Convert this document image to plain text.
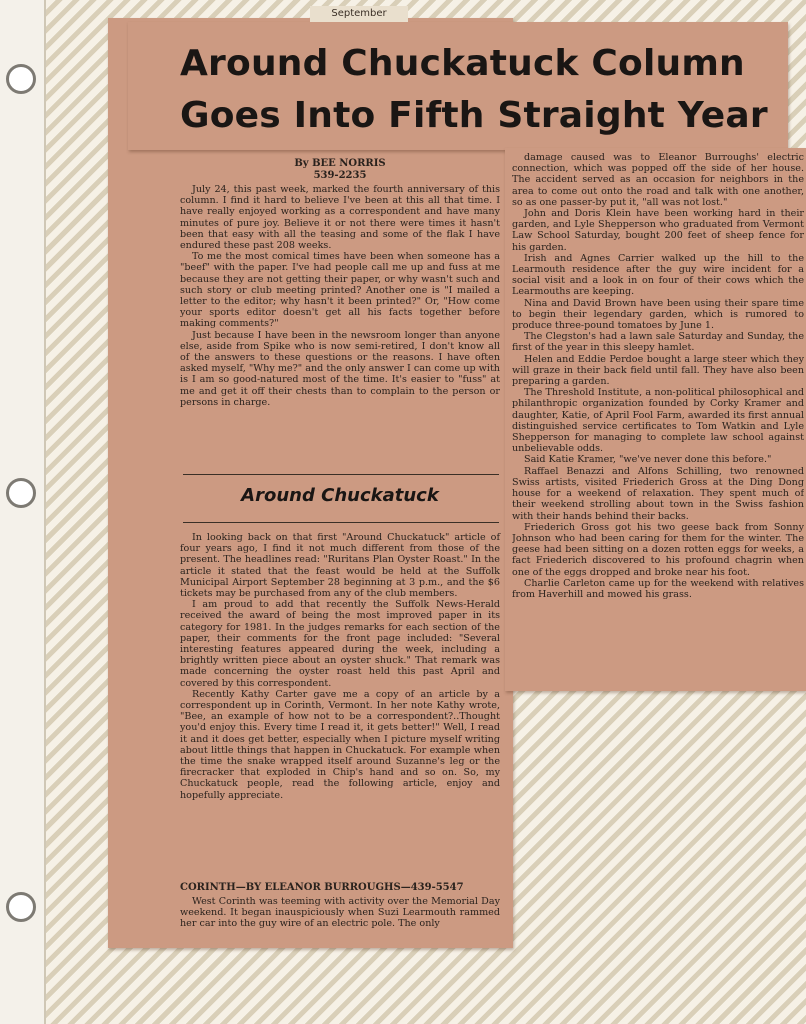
September
Around Chuckatuck Column
Goes Into Fifth Straight Year
By BEE NORRIS
539-2235

July 24, this past week, marked the fourth anniversary of this column. I find it hard to believe I've been at this all that time. I have really enjoyed working as a correspondent and have many minutes of pure joy. Believe it or not there were times it hasn't been that easy with all the teasing and some of the flak I have endured these past 208 weeks.

To me the most comical times have been when someone has a "beef" with the paper. I've had people call me up and fuss at me because they are not getting their paper, or why wasn't such and such story or club meeting printed? Another one is "I mailed a letter to the editor; why hasn't it been printed?" Or, "How come your sports editor doesn't get all his facts together before making comments?"

Just because I have been in the newsroom longer than anyone else, aside from Spike who is now semi-retired, I don't know all of the answers to these questions or the reasons. I have often asked myself, "Why me?" and the only answer I can come up with is I am so good-natured most of the time. It's easier to "fuss" at me and get it off their chests than to complain to the person or persons in charge.

Around Chuckatuck

In looking back on that first "Around Chuckatuck" article of four years ago, I find it not much different from those of the present. The headlines read: "Ruritans Plan Oyster Roast." In the article it stated that the feast would be held at the Suffolk Municipal Airport September 28 beginning at 3 p.m., and the $6 tickets may be purchased from any of the club members.

I am proud to add that recently the Suffolk News-Herald received the award of being the most improved paper in its category for 1981. In the judges remarks for each section of the paper, their comments for the front page included: "Several interesting features appeared during the week, including a brightly written piece about an oyster shuck." That remark was made concerning the oyster roast held this past April and covered by this correspondent.

Recently Kathy Carter gave me a copy of an article by a correspondent up in Corinth, Vermont. In her note Kathy wrote, "Bee, an example of how not to be a correspondent?..Thought you'd enjoy this. Every time I read it, it gets better!" Well, I read it and it does get better, especially when I picture myself writing about little things that happen in Chuckatuck. For example when the time the snake wrapped itself around Suzanne's leg or the firecracker that exploded in Chip's hand and so on. So, my Chuckatuck people, read the following article, enjoy and hopefully appreciate.

CORINTH—BY ELEANOR BURROUGHS—439-5547

West Corinth was teeming with activity over the Memorial Day weekend. It began inauspiciously when Suzi Learmouth rammed her car into the guy wire of an electric pole. The only

damage caused was to Eleanor Burroughs' electric connection, which was popped off the side of her house. The accident served as an occasion for neighbors in the area to come out onto the road and talk with one another, so as one passer-by put it, "all was not lost."

John and Doris Klein have been working hard in their garden, and Lyle Shepperson who graduated from Vermont Law School Saturday, bought 200 feet of sheep fence for his garden.

Irish and Agnes Carrier walked up the hill to the Learmouth residence after the guy wire incident for a social visit and a look in on four of their cows which the Learmouths are keeping.

Nina and David Brown have been using their spare time to begin their legendary garden, which is rumored to produce three-pound tomatoes by June 1.

The Clegston's had a lawn sale Saturday and Sunday, the first of the year in this sleepy hamlet.

Helen and Eddie Perdoe bought a large steer which they will graze in their back field until fall. They have also been preparing a garden.

The Threshold Institute, a non-political philosophical and philanthropic organization founded by Corky Kramer and daughter, Katie, of April Fool Farm, awarded its first annual distinguished service certificates to Tom Watkin and Lyle Shepperson for managing to complete law school against unbelievable odds.

Said Katie Kramer, "we've never done this before."

Raffael Benazzi and Alfons Schilling, two renowned Swiss artists, visited Friederich Gross at the Ding Dong house for a weekend of relaxation. They spent much of their weekend strolling about town in the Swiss fashion with their hands behind their backs.

Friederich Gross got his two geese back from Sonny Johnson who had been caring for them for the winter. The geese had been sitting on a dozen rotten eggs for weeks, a fact Friederich discovered to his profound chagrin when one of the eggs dropped and broke near his foot.

Charlie Carleton came up for the weekend with relatives from Haverhill and mowed his grass.
